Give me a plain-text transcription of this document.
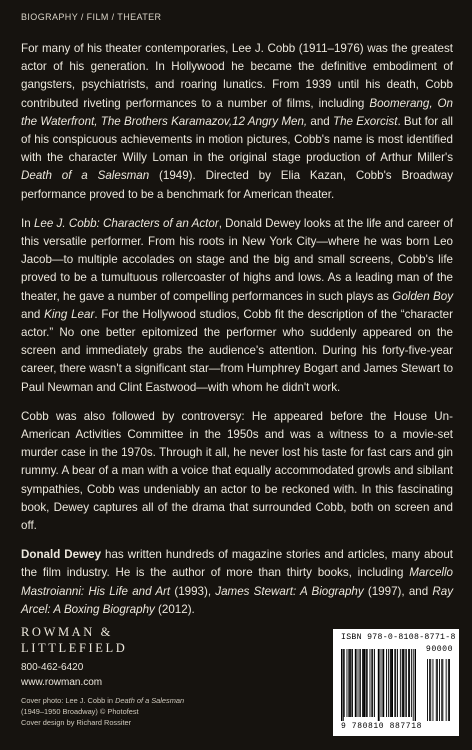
BIOGRAPHY / FILM / THEATER

For many of his theater contemporaries, Lee J. Cobb (1911–1976) was the greatest actor of his generation. In Hollywood he became the definitive embodiment of gangsters, psychiatrists, and roaring lunatics. From 1939 until his death, Cobb contributed riveting performances to a number of films, including Boomerang, On the Waterfront, The Brothers Karamazov,12 Angry Men, and The Exorcist. But for all of his conspicuous achievements in motion pictures, Cobb's name is most identified with the character Willy Loman in the original stage production of Arthur Miller's Death of a Salesman (1949). Directed by Elia Kazan, Cobb's Broadway performance proved to be a benchmark for American theater.

In Lee J. Cobb: Characters of an Actor, Donald Dewey looks at the life and career of this versatile performer. From his roots in New York City—where he was born Leo Jacob—to multiple accolades on stage and the big and small screens, Cobb's life proved to be a tumultuous rollercoaster of highs and lows. As a leading man of the theater, he gave a number of compelling performances in such plays as Golden Boy and King Lear. For the Hollywood studios, Cobb fit the description of the “character actor.” No one better epitomized the performer who suddenly appeared on the screen and immediately grabs the audience's attention. During his forty-five-year career, there wasn't a significant star—from Humphrey Bogart and James Stewart to Paul Newman and Clint Eastwood—with whom he didn't work.

Cobb was also followed by controversy: He appeared before the House Un-American Activities Committee in the 1950s and was a witness to a movie-set murder case in the 1970s. Through it all, he never lost his taste for fast cars and gin rummy. A bear of a man with a voice that equally accommodated growls and sibilant sympathies, Cobb was undeniably an actor to be reckoned with. In this fascinating book, Dewey captures all of the drama that surrounded Cobb, both on screen and off.

Donald Dewey has written hundreds of magazine stories and articles, many about the film industry. He is the author of more than thirty books, including Marcello Mastroianni: His Life and Art (1993), James Stewart: A Biography (1997), and Ray Arcel: A Boxing Biography (2012).

ROWMAN &
LITTLEFIELD
800-462-6420
www.rowman.com
Cover photo: Lee J. Cobb in Death of a Salesman
(1949–1950 Broadway) © Photofest
Cover design by Richard Rossiter
ISBN 978-0-8108-8771-8
90000
9 780810 887718
